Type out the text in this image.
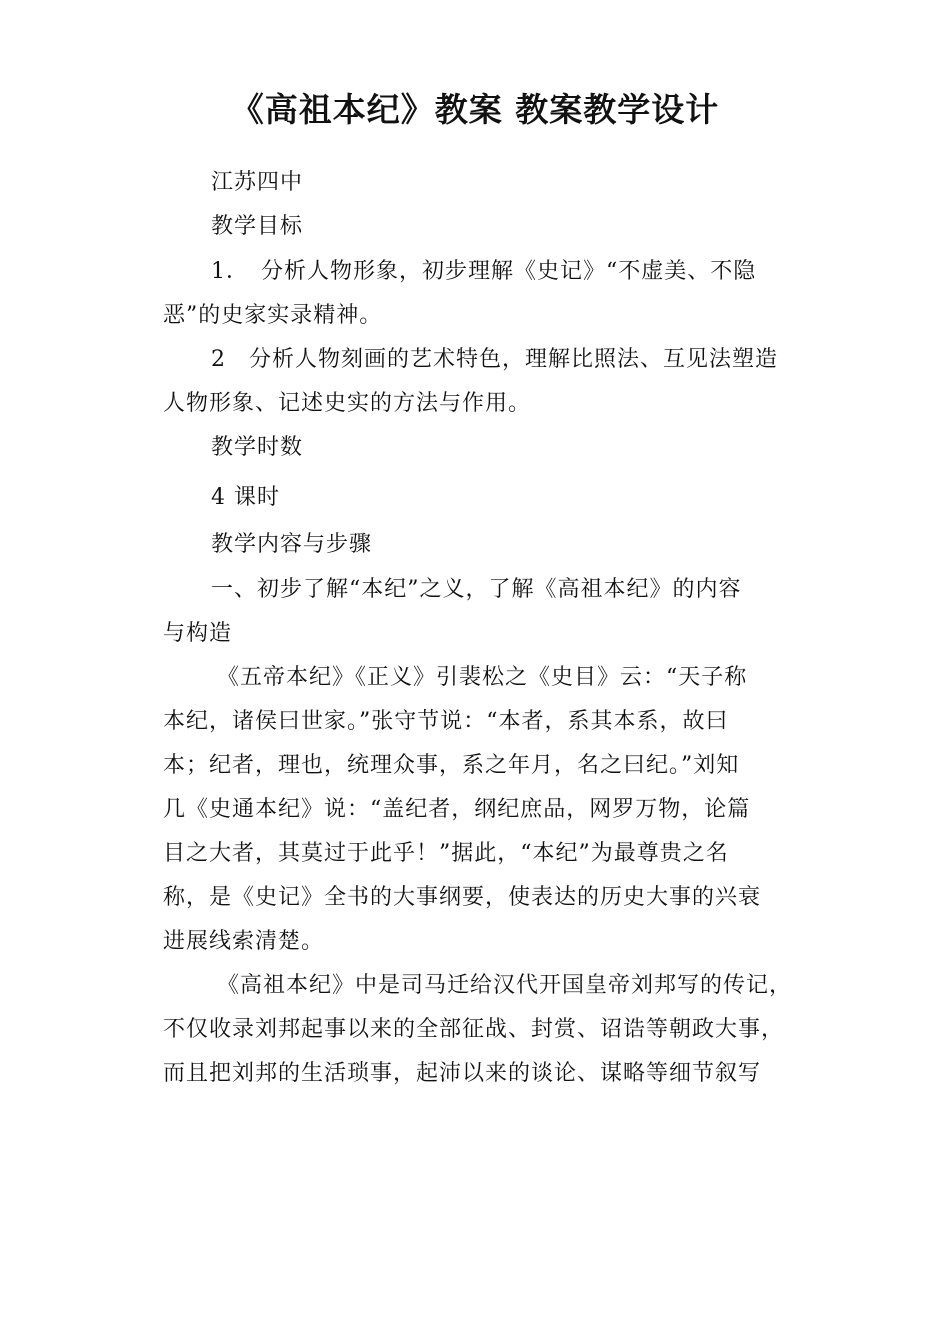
《高祖本纪》教案 教案教学设计
江苏四中
教学目标
1．　分析人物形象，初步理解《史记》“不虚美、不隐
恶”的史家实录精神。
2　分析人物刻画的艺术特色，理解比照法、互见法塑造
人物形象、记述史实的方法与作用。
教学时数
4 课时
教学内容与步骤
一、初步了解“本纪”之义，了解《高祖本纪》的内容
与构造
《五帝本纪》《正义》引裴松之《史目》云：“天子称
本纪，诸侯曰世家。”张守节说：“本者，系其本系，故曰
本；纪者，理也，统理众事，系之年月，名之曰纪。”刘知
几《史通本纪》说：“盖纪者，纲纪庶品，网罗万物，论篇
目之大者，其莫过于此乎！”据此，“本纪”为最尊贵之名
称，是《史记》全书的大事纲要，使表达的历史大事的兴衰
进展线索清楚。
《高祖本纪》中是司马迁给汉代开国皇帝刘邦写的传记，
不仅收录刘邦起事以来的全部征战、封赏、诏诰等朝政大事，
而且把刘邦的生活琐事，起沛以来的谈论、谋略等细节叙写
